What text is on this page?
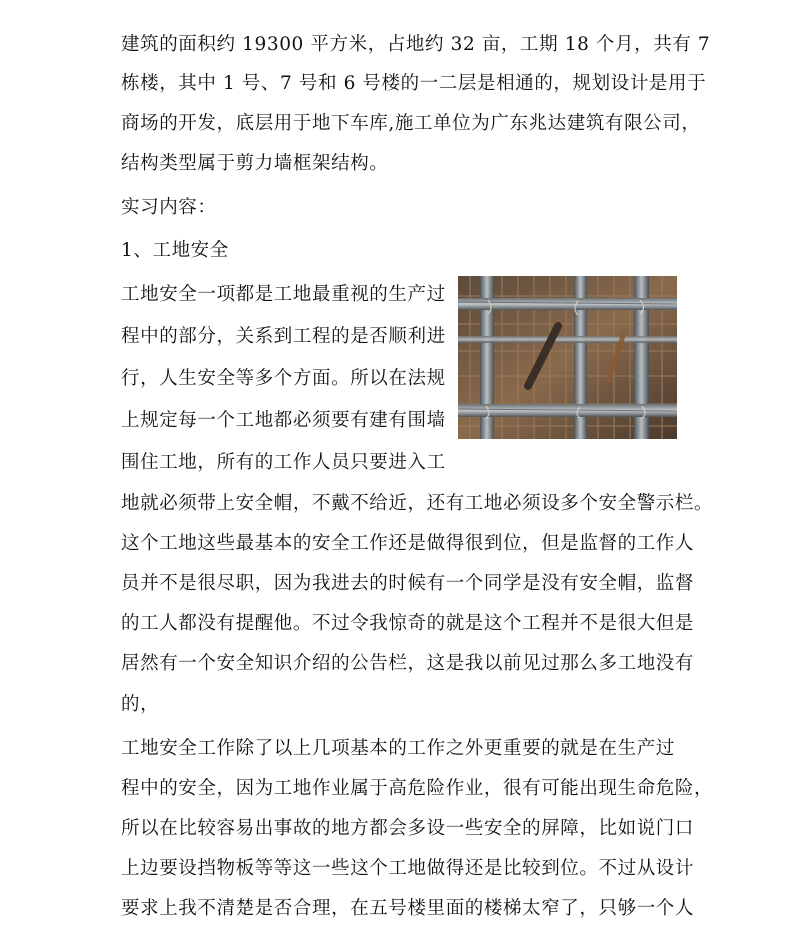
建筑的面积约 19300 平方米，占地约 32 亩，工期 18 个月，共有 7
栋楼，其中 1 号、7 号和 6 号楼的一二层是相通的，规划设计是用于
商场的开发，底层用于地下车库,施工单位为广东兆达建筑有限公司，
结构类型属于剪力墙框架结构。
实习内容：
1、工地安全
工地安全一项都是工地最重视的生产过
程中的部分，关系到工程的是否顺利进
行，人生安全等多个方面。所以在法规
上规定每一个工地都必须要有建有围墙
围住工地，所有的工作人员只要进入工
地就必须带上安全帽，不戴不给近，还有工地必须设多个安全警示栏。
这个工地这些最基本的安全工作还是做得很到位，但是监督的工作人
员并不是很尽职，因为我进去的时候有一个同学是没有安全帽，监督
的工人都没有提醒他。不过令我惊奇的就是这个工程并不是很大但是
居然有一个安全知识介绍的公告栏，这是我以前见过那么多工地没有
的，
工地安全工作除了以上几项基本的工作之外更重要的就是在生产过
程中的安全，因为工地作业属于高危险作业，很有可能出现生命危险，
所以在比较容易出事故的地方都会多设一些安全的屏障，比如说门口
上边要设挡物板等等这一些这个工地做得还是比较到位。不过从设计
要求上我不清楚是否合理，在五号楼里面的楼梯太窄了，只够一个人
